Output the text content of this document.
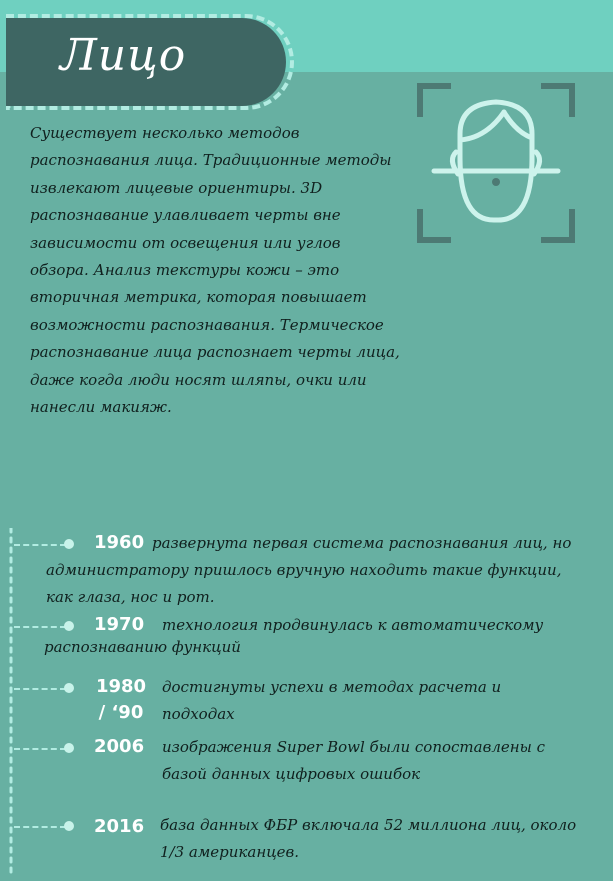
Лицо
Существует несколько методов распознавания лица. Традиционные методы извлекают лицевые ориентиры. 3D распознавание улавливает черты вне зависимости от освещения или углов обзора. Анализ текстуры кожи – это вторичная метрика, которая повышает возможности распознавания. Термическое распознавание лица распознает черты лица, даже когда люди носят шляпы, очки или нанесли макияж.
1960 развернута первая система распознавания лиц, но администратору пришлось вручную находить такие функции, как глаза, нос и рот.
1970	технология продвинулась к автоматическому распознаванию функций
1980 / ‘90
достигнуты успехи в методах расчета и подходах
2006 изображения Super Bowl были сопоставлены с базой данных цифровых ошибок
2016 база данных ФБР включала 52 миллиона лиц, около 1/3 американцев.
